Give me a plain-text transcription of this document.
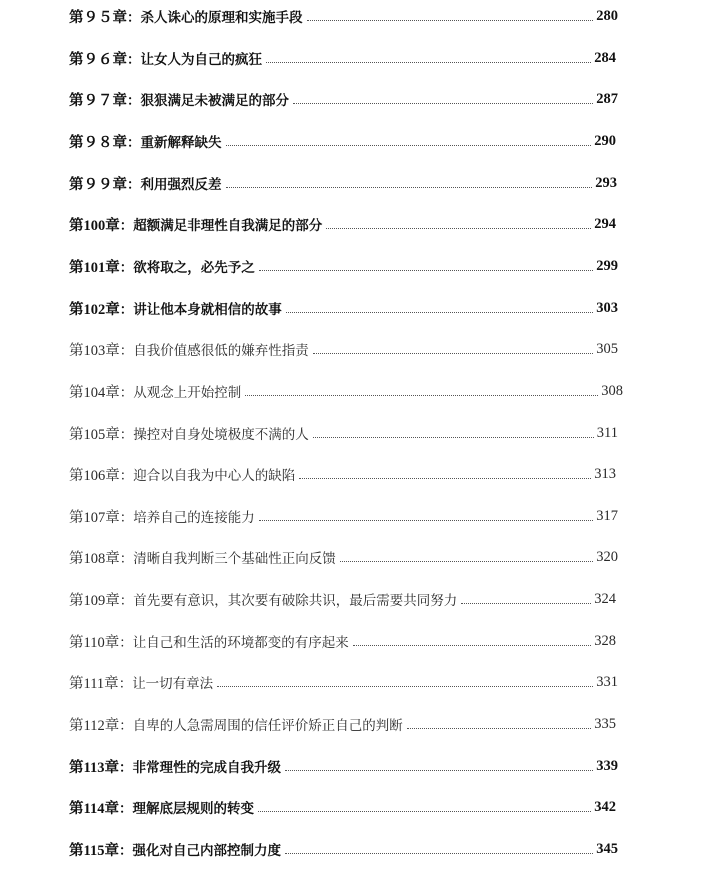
第９５章 ： 杀人诛心的原理和实施手段	280
第９６章 ： 让女人为自己的疯狂	284
第９７章 ： 狠狠满足未被满足的部分	287
第９８章 ： 重新解释缺失	290
第９９章 ： 利用强烈反差	293
第100章 ： 超额满足非理性自我满足的部分	294
第101章 ： 欲将取之，必先予之	299
第102章 ： 讲让他本身就相信的故事	303
第103章 ： 自我价值感很低的嫌弃性指责	305
第104章 ： 从观念上开始控制	308
第105章 ： 操控对自身处境极度不满的人	311
第106章 ： 迎合以自我为中心人的缺陷	313
第107章 ： 培养自己的连接能力	317
第108章 ： 清晰自我判断三个基础性正向反馈	320
第109章 ： 首先要有意识，其次要有破除共识，最后需要共同努力	324
第110章 ： 让自己和生活的环境都变的有序起来	328
第111章 ： 让一切有章法	331
第112章 ： 自卑的人急需周围的信任评价矫正自己的判断	335
第113章 ： 非常理性的完成自我升级	339
第114章 ： 理解底层规则的转变	342
第115章 ： 强化对自己内部控制力度	345
